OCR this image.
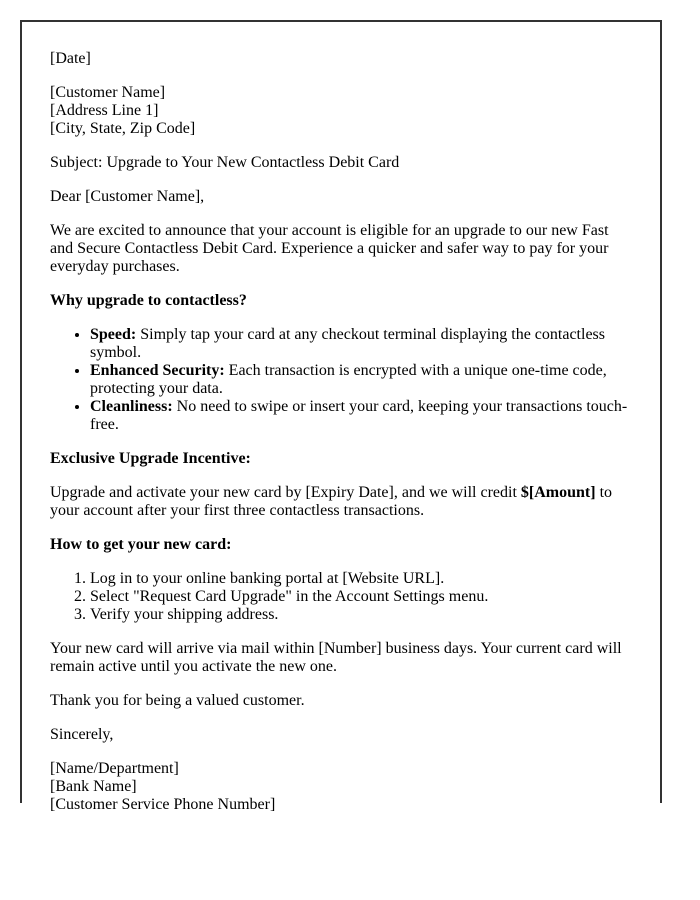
[Date]

[Customer Name]
[Address Line 1]
[City, State, Zip Code]

Subject: Upgrade to Your New Contactless Debit Card

Dear [Customer Name],

We are excited to announce that your account is eligible for an upgrade to our new Fast and Secure Contactless Debit Card. Experience a quicker and safer way to pay for your everyday purchases.

Why upgrade to contactless?

• Speed: Simply tap your card at any checkout terminal displaying the contactless symbol.
• Enhanced Security: Each transaction is encrypted with a unique one-time code, protecting your data.
• Cleanliness: No need to swipe or insert your card, keeping your transactions touch-free.

Exclusive Upgrade Incentive:

Upgrade and activate your new card by [Expiry Date], and we will credit $[Amount] to your account after your first three contactless transactions.

How to get your new card:

1. Log in to your online banking portal at [Website URL].
2. Select "Request Card Upgrade" in the Account Settings menu.
3. Verify your shipping address.

Your new card will arrive via mail within [Number] business days. Your current card will remain active until you activate the new one.

Thank you for being a valued customer.

Sincerely,

[Name/Department]
[Bank Name]
[Customer Service Phone Number]
